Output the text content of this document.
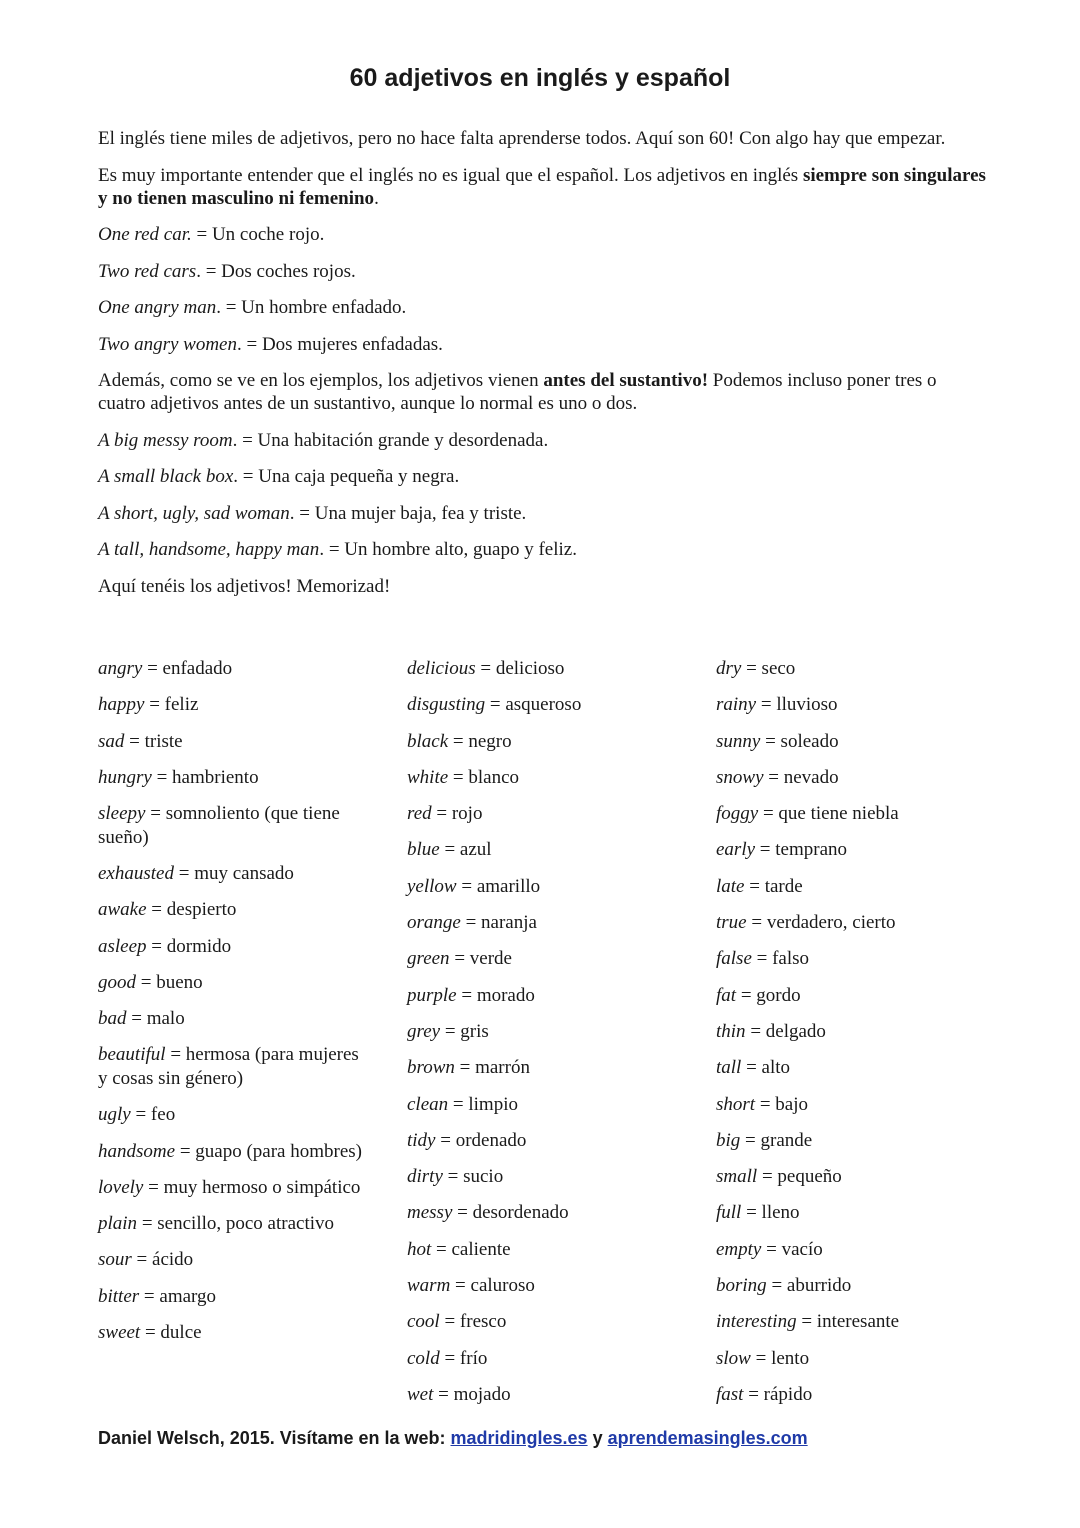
60 adjetivos en inglés y español

El inglés tiene miles de adjetivos, pero no hace falta aprenderse todos. Aquí son 60! Con algo hay que empezar.

Es muy importante entender que el inglés no es igual que el español. Los adjetivos en inglés siempre son singulares y no tienen masculino ni femenino.

One red car. = Un coche rojo.

Two red cars. = Dos coches rojos.

One angry man. = Un hombre enfadado.

Two angry women. = Dos mujeres enfadadas.

Además, como se ve en los ejemplos, los adjetivos vienen antes del sustantivo! Podemos incluso poner tres o cuatro adjetivos antes de un sustantivo, aunque lo normal es uno o dos.

A big messy room. = Una habitación grande y desordenada.

A small black box. = Una caja pequeña y negra.

A short, ugly, sad woman. = Una mujer baja, fea y triste.

A tall, handsome, happy man. = Un hombre alto, guapo y feliz.

Aquí tenéis los adjetivos! Memorizad!

angry = enfadado
happy = feliz
sad = triste
hungry = hambriento
sleepy = somnoliento (que tiene sueño)
exhausted = muy cansado
awake = despierto
asleep = dormido
good = bueno
bad = malo
beautiful = hermosa (para mujeres y cosas sin género)
ugly = feo
handsome = guapo (para hombres)
lovely = muy hermoso o simpático
plain = sencillo, poco atractivo
sour = ácido
bitter = amargo
sweet = dulce
delicious = delicioso
disgusting = asqueroso
black = negro
white = blanco
red = rojo
blue = azul
yellow = amarillo
orange = naranja
green = verde
purple = morado
grey = gris
brown = marrón
clean = limpio
tidy = ordenado
dirty = sucio
messy = desordenado
hot = caliente
warm = caluroso
cool = fresco
cold = frío
wet = mojado
dry = seco
rainy = lluvioso
sunny = soleado
snowy = nevado
foggy = que tiene niebla
early = temprano
late = tarde
true = verdadero, cierto
false = falso
fat = gordo
thin = delgado
tall = alto
short = bajo
big = grande
small = pequeño
full = lleno
empty = vacío
boring = aburrido
interesting = interesante
slow = lento
fast = rápido
Daniel Welsch, 2015. Visítame en la web: madridingles.es y aprendemasingles.com
